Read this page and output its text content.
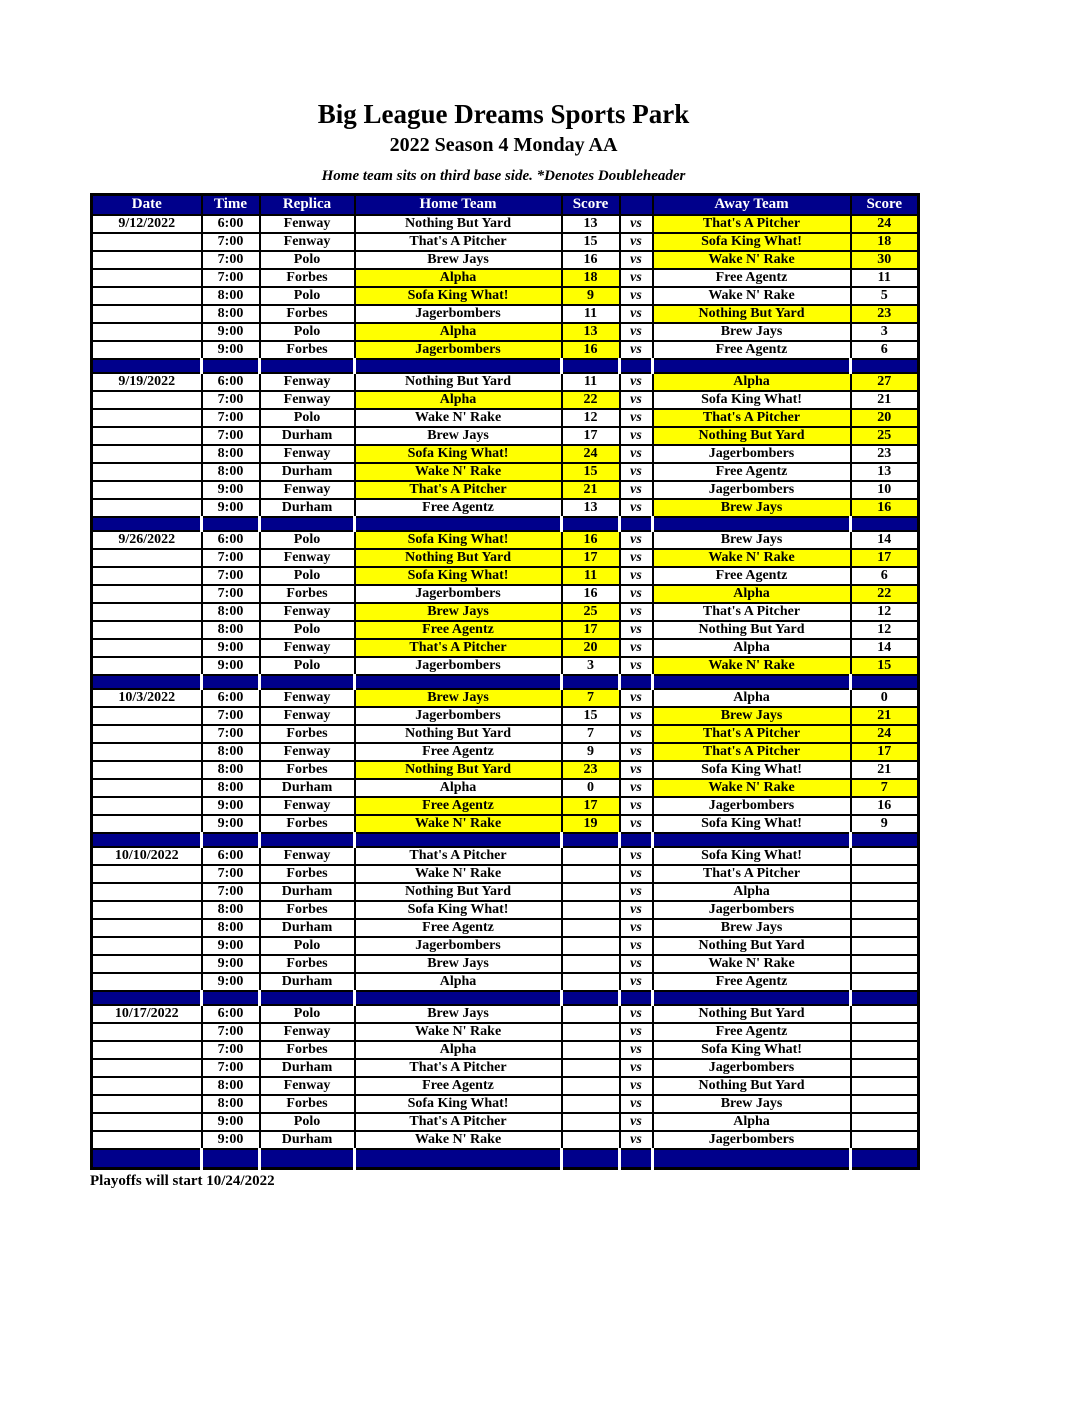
Big League Dreams Sports Park
2022 Season 4 Monday AA
Home team sits on third base side. *Denotes Doubleheader
Date	Time	Replica	Home Team	Score		Away Team	Score
9/12/2022	6:00	Fenway	Nothing But Yard	13	vs	That's A Pitcher	24
	7:00	Fenway	That's A Pitcher	15	vs	Sofa King What!	18
	7:00	Polo	Brew Jays	16	vs	Wake N' Rake	30
	7:00	Forbes	Alpha	18	vs	Free Agentz	11
	8:00	Polo	Sofa King What!	9	vs	Wake N' Rake	5
	8:00	Forbes	Jagerbombers	11	vs	Nothing But Yard	23
	9:00	Polo	Alpha	13	vs	Brew Jays	3
	9:00	Forbes	Jagerbombers	16	vs	Free Agentz	6

9/19/2022	6:00	Fenway	Nothing But Yard	11	vs	Alpha	27
	7:00	Fenway	Alpha	22	vs	Sofa King What!	21
	7:00	Polo	Wake N' Rake	12	vs	That's A Pitcher	20
	7:00	Durham	Brew Jays	17	vs	Nothing But Yard	25
	8:00	Fenway	Sofa King What!	24	vs	Jagerbombers	23
	8:00	Durham	Wake N' Rake	15	vs	Free Agentz	13
	9:00	Fenway	That's A Pitcher	21	vs	Jagerbombers	10
	9:00	Durham	Free Agentz	13	vs	Brew Jays	16

9/26/2022	6:00	Polo	Sofa King What!	16	vs	Brew Jays	14
	7:00	Fenway	Nothing But Yard	17	vs	Wake N' Rake	17
	7:00	Polo	Sofa King What!	11	vs	Free Agentz	6
	7:00	Forbes	Jagerbombers	16	vs	Alpha	22
	8:00	Fenway	Brew Jays	25	vs	That's A Pitcher	12
	8:00	Polo	Free Agentz	17	vs	Nothing But Yard	12
	9:00	Fenway	That's A Pitcher	20	vs	Alpha	14
	9:00	Polo	Jagerbombers	3	vs	Wake N' Rake	15

10/3/2022	6:00	Fenway	Brew Jays	7	vs	Alpha	0
	7:00	Fenway	Jagerbombers	15	vs	Brew Jays	21
	7:00	Forbes	Nothing But Yard	7	vs	That's A Pitcher	24
	8:00	Fenway	Free Agentz	9	vs	That's A Pitcher	17
	8:00	Forbes	Nothing But Yard	23	vs	Sofa King What!	21
	8:00	Durham	Alpha	0	vs	Wake N' Rake	7
	9:00	Fenway	Free Agentz	17	vs	Jagerbombers	16
	9:00	Forbes	Wake N' Rake	19	vs	Sofa King What!	9

10/10/2022	6:00	Fenway	That's A Pitcher		vs	Sofa King What!	
	7:00	Forbes	Wake N' Rake		vs	That's A Pitcher	
	7:00	Durham	Nothing But Yard		vs	Alpha	
	8:00	Forbes	Sofa King What!		vs	Jagerbombers	
	8:00	Durham	Free Agentz		vs	Brew Jays	
	9:00	Polo	Jagerbombers		vs	Nothing But Yard	
	9:00	Forbes	Brew Jays		vs	Wake N' Rake	
	9:00	Durham	Alpha		vs	Free Agentz	

10/17/2022	6:00	Polo	Brew Jays		vs	Nothing But Yard	
	7:00	Fenway	Wake N' Rake		vs	Free Agentz	
	7:00	Forbes	Alpha		vs	Sofa King What!	
	7:00	Durham	That's A Pitcher		vs	Jagerbombers	
	8:00	Fenway	Free Agentz		vs	Nothing But Yard	
	8:00	Forbes	Sofa King What!		vs	Brew Jays	
	9:00	Polo	That's A Pitcher		vs	Alpha	
	9:00	Durham	Wake N' Rake		vs	Jagerbombers	

Playoffs will start 10/24/2022
